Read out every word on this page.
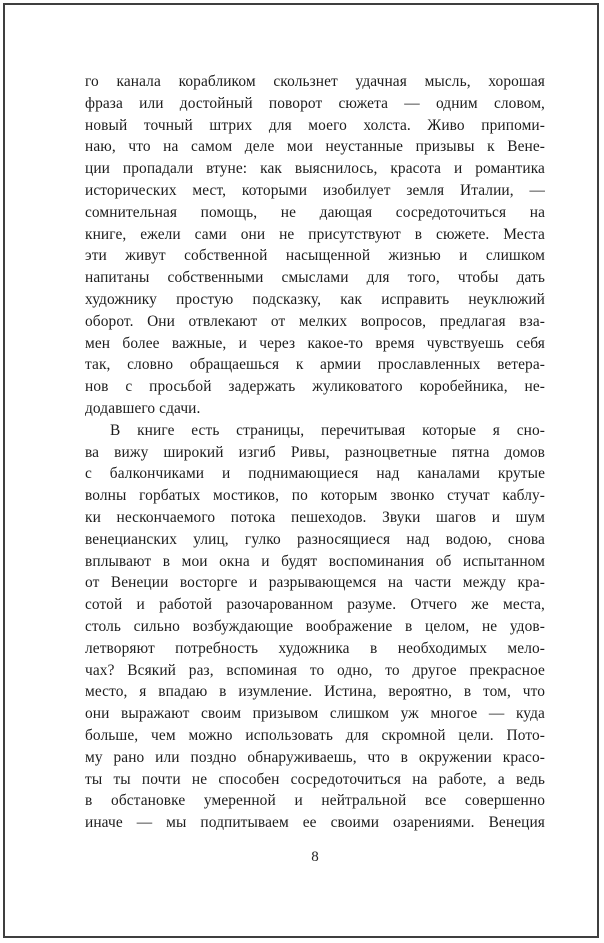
го канала корабликом скользнет удачная мысль, хорошая
фраза или достойный поворот сюжета — одним словом,
новый точный штрих для моего холста. Живо припоми-
наю, что на самом деле мои неустанные призывы к Вене-
ции пропадали втуне: как выяснилось, красота и романтика
исторических мест, которыми изобилует земля Италии, —
сомнительная помощь, не дающая сосредоточиться на
книге, ежели сами они не присутствуют в сюжете. Места
эти живут собственной насыщенной жизнью и слишком
напитаны собственными смыслами для того, чтобы дать
художнику простую подсказку, как исправить неуклюжий
оборот. Они отвлекают от мелких вопросов, предлагая вза-
мен более важные, и через какое-то время чувствуешь себя
так, словно обращаешься к армии прославленных ветера-
нов с просьбой задержать жуликоватого коробейника, не-
додавшего сдачи.
В книге есть страницы, перечитывая которые я сно-
ва вижу широкий изгиб Ривы, разноцветные пятна домов
с балкончиками и поднимающиеся над каналами крутые
волны горбатых мостиков, по которым звонко стучат каблу-
ки нескончаемого потока пешеходов. Звуки шагов и шум
венецианских улиц, гулко разносящиеся над водою, снова
вплывают в мои окна и будят воспоминания об испытанном
от Венеции восторге и разрывающемся на части между кра-
сотой и работой разочарованном разуме. Отчего же места,
столь сильно возбуждающие воображение в целом, не удов-
летворяют потребность художника в необходимых мело-
чах? Всякий раз, вспоминая то одно, то другое прекрасное
место, я впадаю в изумление. Истина, вероятно, в том, что
они выражают своим призывом слишком уж многое — куда
больше, чем можно использовать для скромной цели. Пото-
му рано или поздно обнаруживаешь, что в окружении красо-
ты ты почти не способен сосредоточиться на работе, а ведь
в обстановке умеренной и нейтральной все совершенно
иначе — мы подпитываем ее своими озарениями. Венеция
8
